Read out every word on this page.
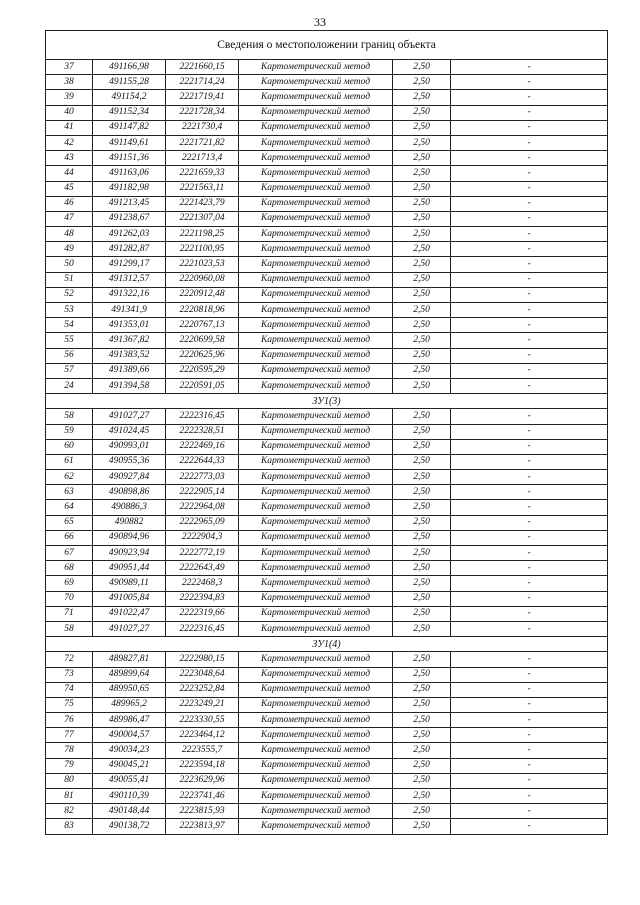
33
Сведения о местоположении границ объекта					
37	491166,98	2221660,15	Картометрический метод	2,50	-
38	491155,28	2221714,24	Картометрический метод	2,50	-
39	491154,2	2221719,41	Картометрический метод	2,50	-
40	491152,34	2221728,34	Картометрический метод	2,50	-
41	491147,82	2221730,4	Картометрический метод	2,50	-
42	491149,61	2221721,82	Картометрический метод	2,50	-
43	491151,36	2221713,4	Картометрический метод	2,50	-
44	491163,06	2221659,33	Картометрический метод	2,50	-
45	491182,98	2221563,11	Картометрический метод	2,50	-
46	491213,45	2221423,79	Картометрический метод	2,50	-
47	491238,67	2221307,04	Картометрический метод	2,50	-
48	491262,03	2221198,25	Картометрический метод	2,50	-
49	491282,87	2221100,95	Картометрический метод	2,50	-
50	491299,17	2221023,53	Картометрический метод	2,50	-
51	491312,57	2220960,08	Картометрический метод	2,50	-
52	491322,16	2220912,48	Картометрический метод	2,50	-
53	491341,9	2220818,96	Картометрический метод	2,50	-
54	491353,01	2220767,13	Картометрический метод	2,50	-
55	491367,82	2220699,58	Картометрический метод	2,50	-
56	491383,52	2220625,96	Картометрический метод	2,50	-
57	491389,66	2220595,29	Картометрический метод	2,50	-
24	491394,58	2220591,05	Картометрический метод	2,50	-
ЗУ1(3)					
58	491027,27	2222316,45	Картометрический метод	2,50	-
59	491024,45	2222328,51	Картометрический метод	2,50	-
60	490993,01	2222469,16	Картометрический метод	2,50	-
61	490955,36	2222644,33	Картометрический метод	2,50	-
62	490927,84	2222773,03	Картометрический метод	2,50	-
63	490898,86	2222905,14	Картометрический метод	2,50	-
64	490886,3	2222964,08	Картометрический метод	2,50	-
65	490882	2222965,09	Картометрический метод	2,50	-
66	490894,96	2222904,3	Картометрический метод	2,50	-
67	490923,94	2222772,19	Картометрический метод	2,50	-
68	490951,44	2222643,49	Картометрический метод	2,50	-
69	490989,11	2222468,3	Картометрический метод	2,50	-
70	491005,84	2222394,83	Картометрический метод	2,50	-
71	491022,47	2222319,66	Картометрический метод	2,50	-
58	491027,27	2222316,45	Картометрический метод	2,50	-
ЗУ1(4)					
72	489827,81	2222980,15	Картометрический метод	2,50	-
73	489899,64	2223048,64	Картометрический метод	2,50	-
74	489950,65	2223252,84	Картометрический метод	2,50	-
75	489965,2	2223249,21	Картометрический метод	2,50	-
76	489986,47	2223330,55	Картометрический метод	2,50	-
77	490004,57	2223464,12	Картометрический метод	2,50	-
78	490034,23	2223555,7	Картометрический метод	2,50	-
79	490045,21	2223594,18	Картометрический метод	2,50	-
80	490055,41	2223629,96	Картометрический метод	2,50	-
81	490110,39	2223741,46	Картометрический метод	2,50	-
82	490148,44	2223815,93	Картометрический метод	2,50	-
83	490138,72	2223813,97	Картометрический метод	2,50	-
